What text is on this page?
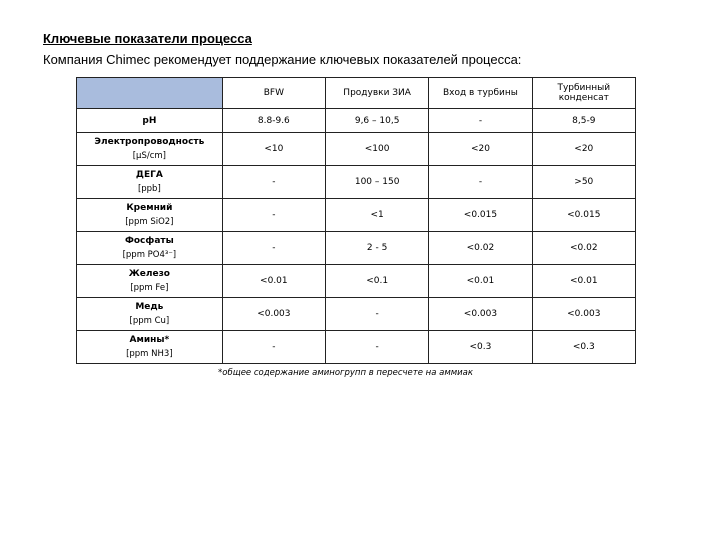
Ключевые показатели процесса
Компания Chimec рекомендует поддержание ключевых показателей процесса:
	BFW	Продувки ЗИА	Вход в турбины	Турбинный конденсат

pH	8.8-9.6	9,6 – 10,5	-	8,5-9

Электропроводность
[µS/cm]	<10	<100	<20	<20

ДЕГА
[ppb]	-	100 – 150	-	>50

Кремний
[ppm SiO2]	-	<1	<0.015	<0.015

Фосфаты
[ppm PO4³⁻]	-	2 - 5	<0.02	<0.02

Железо
[ppm Fe]	<0.01	<0.1	<0.01	<0.01

Медь
[ppm Cu]	<0.003	-	<0.003	<0.003

Амины*
[ppm NH3]	-	-	<0.3	<0.3
*общее содержание аминогрупп в пересчете на аммиак
